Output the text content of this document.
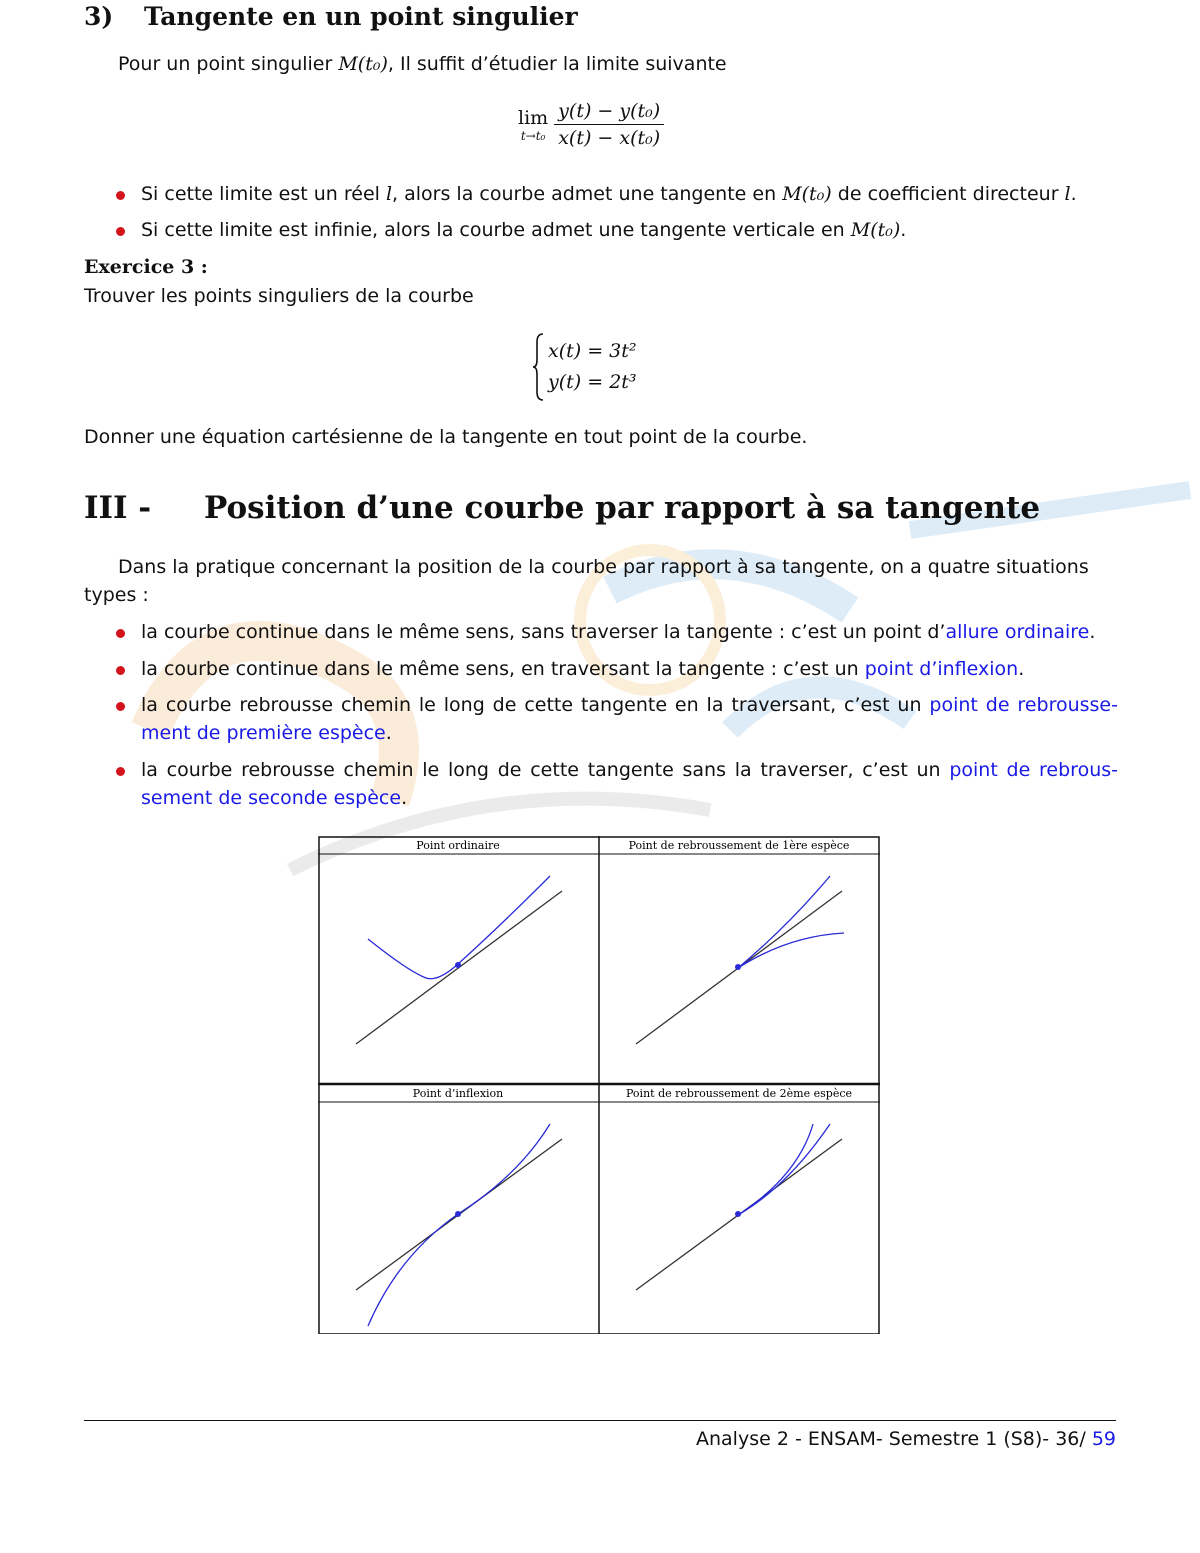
3) Tangente en un point singulier

Pour un point singulier M(t₀), Il suffit d’étudier la limite suivante

lim
$t\to t_0 \frac{\text{y(t) − y(t₀)}}{\text{x(t) − x(t₀)}}$
Si cette limite est un réel l, alors la courbe admet une tangente en M(t₀) de coefficient directeur l.
Si cette limite est infinie, alors la courbe admet une tangente verticale en M(t₀).

Exercice 3 :

Trouver les points singuliers de la courbe

x(t) = 3t²
y(t) = 2t³

Donner une équation cartésienne de la tangente en tout point de la courbe.

III - Position d’une courbe par rapport à sa tangente

Dans la pratique concernant la position de la courbe par rapport à sa tangente, on a quatre situations types :

la courbe continue dans le même sens, sans traverser la tangente : c’est un point d’allure ordinaire.
la courbe continue dans le même sens, en traversant la tangente : c’est un point d’inflexion.
la courbe rebrousse chemin le long de cette tangente en la traversant, c’est un point de rebrousse-ment de première espèce.
la courbe rebrousse chemin le long de cette tangente sans la traverser, c’est un point de rebrous-sement de seconde espèce.
Point ordinaire	Point de rebroussement de 1ère espèce
Point d’inflexion	Point de rebroussement de 2ème espèce
Analyse 2 - ENSAM- Semestre 1 (S8)- 36/ 59
